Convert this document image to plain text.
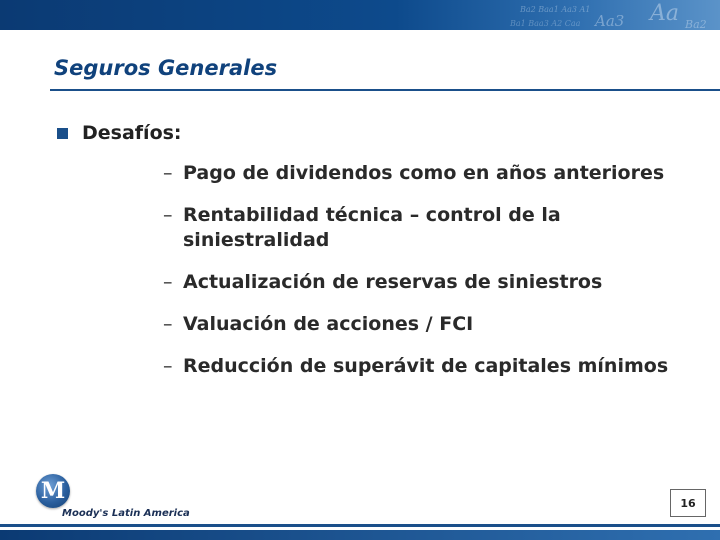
Aa
Aa3
Ba2 Baa1 Aa3 A1
Ba1 Baa3 A2 Caa	Ba2
Seguros Generales
Desafíos:
– Pago de dividendos como en años anteriores
– Rentabilidad técnica – control de la siniestralidad
– Actualización de reservas de siniestros
– Valuación de acciones / FCI
– Reducción de superávit de capitales mínimos
M
Moody's Latin America
16
